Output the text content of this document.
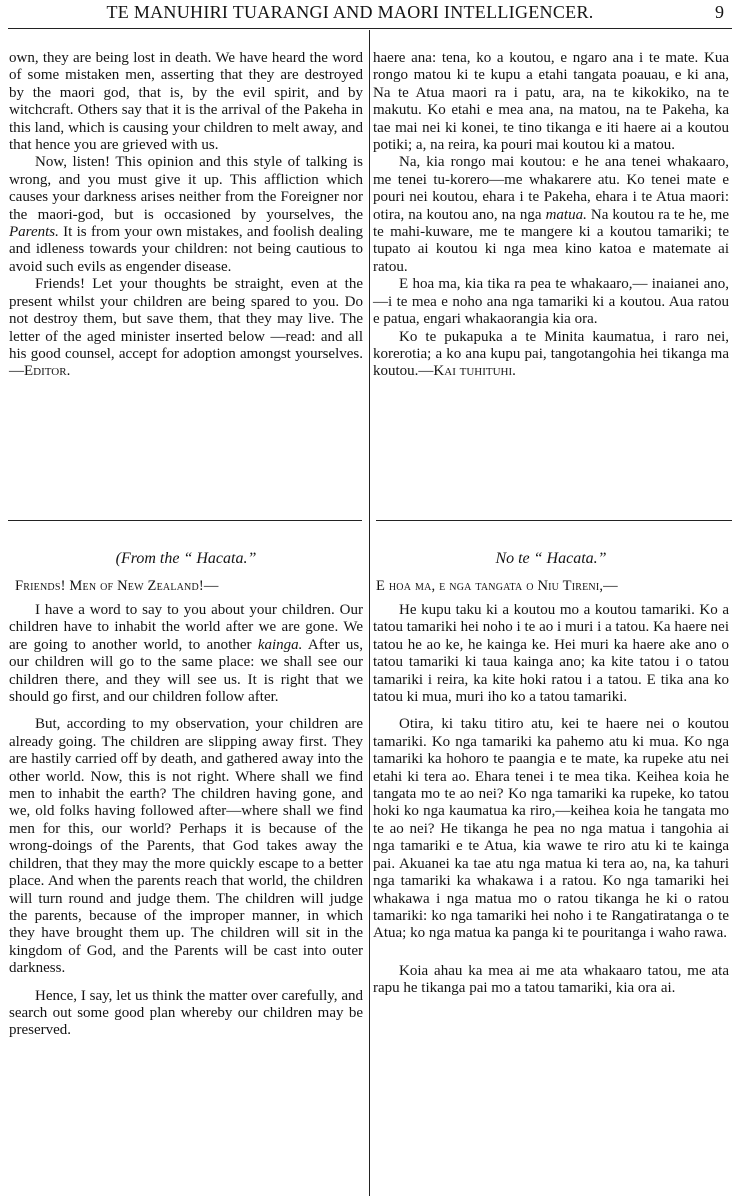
TE MANUHIRI TUARANGI AND MAORI INTELLIGENCER.	9

own, they are being lost in death. We have heard the word of some mistaken men, asserting that they are destroyed by the maori god, that is, by the evil spirit, and by witchcraft. Others say that it is the arrival of the Pakeha in this land, which is causing your children to melt away, and that hence you are grieved with us.

Now, listen! This opinion and this style of talking is wrong, and you must give it up. This affliction which causes your darkness arises neither from the Foreigner nor the maori-god, but is occasioned by yourselves, the Parents. It is from your own mistakes, and foolish dealing and idleness towards your children: not being cautious to avoid such evils as engender disease.

Friends! Let your thoughts be straight, even at the present whilst your children are being spared to you. Do not destroy them, but save them, that they may live. The letter of the aged minister inserted below —read: and all his good counsel, accept for adoption amongst yourselves.—Editor.

haere ana: tena, ko a koutou, e ngaro ana i te mate. Kua rongo matou ki te kupu a etahi tangata poauau, e ki ana, Na te Atua maori ra i patu, ara, na te kikokiko, na te makutu. Ko etahi e mea ana, na matou, na te Pakeha, ka tae mai nei ki konei, te tino tikanga e iti haere ai a koutou potiki; a, na reira, ka pouri mai koutou ki a matou.

Na, kia rongo mai koutou: e he ana tenei whakaaro, me tenei tu-korero—me whakarere atu. Ko tenei mate e pouri nei koutou, ehara i te Pakeha, ehara i te Atua maori: otira, na koutou ano, na nga matua. Na koutou ra te he, me te mahi-kuware, me te mangere ki a koutou tamariki; te tupato ai koutou ki nga mea kino katoa e matemate ai ratou.

E hoa ma, kia tika ra pea te whakaaro,— inaianei ano,—i te mea e noho ana nga tamariki ki a koutou. Aua ratou e patua, engari whakaorangia kia ora.

Ko te pukapuka a te Minita kaumatua, i raro nei, korerotia; a ko ana kupu pai, tangotangohia hei tikanga ma koutou.—Kai tuhituhi.

(From the “ Hacata.”
Friends! Men of New Zealand!—

I have a word to say to you about your children. Our children have to inhabit the world after we are gone. We are going to another world, to another kainga. After us, our children will go to the same place: we shall see our children there, and they will see us. It is right that we should go first, and our children follow after.

But, according to my observation, your children are already going. The children are slipping away first. They are hastily carried off by death, and gathered away into the other world. Now, this is not right. Where shall we find men to inhabit the earth? The children having gone, and we, old folks having followed after—where shall we find men for this, our world? Perhaps it is because of the wrong-doings of the Parents, that God takes away the children, that they may the more quickly escape to a better place. And when the parents reach that world, the children will turn round and judge them. The children will judge the parents, because of the improper manner, in which they have brought them up. The children will sit in the kingdom of God, and the Parents will be cast into outer darkness.

Hence, I say, let us think the matter over carefully, and search out some good plan whereby our children may be preserved.

No te “ Hacata.”
E hoa ma, e nga tangata o Niu Tireni,—

He kupu taku ki a koutou mo a koutou tamariki. Ko a tatou tamariki hei noho i te ao i muri i a tatou. Ka haere nei tatou he ao ke, he kainga ke. Hei muri ka haere ake ano o tatou tamariki ki taua kainga ano; ka kite tatou i o tatou tamariki i reira, ka kite hoki ratou i a tatou. E tika ana ko tatou ki mua, muri iho ko a tatou tamariki.

Otira, ki taku titiro atu, kei te haere nei o koutou tamariki. Ko nga tamariki ka pahemo atu ki mua. Ko nga tamariki ka hohoro te paangia e te mate, ka rupeke atu nei etahi ki tera ao. Ehara tenei i te mea tika. Keihea koia he tangata mo te ao nei? Ko nga tamariki ka rupeke, ko tatou hoki ko nga kaumatua ka riro,—keihea koia he tangata mo te ao nei? He tikanga he pea no nga matua i tangohia ai nga tamariki e te Atua, kia wawe te riro atu ki te kainga pai. Akuanei ka tae atu nga matua ki tera ao, na, ka tahuri nga tamariki ka whakawa i a ratou. Ko nga tamariki hei whakawa i nga matua mo o ratou tikanga he ki o ratou tamariki: ko nga tamariki hei noho i te Rangatiratanga o te Atua; ko nga matua ka panga ki te pouritanga i waho rawa.

Koia ahau ka mea ai me ata whakaaro tatou, me ata rapu he tikanga pai mo a tatou tamariki, kia ora ai.
